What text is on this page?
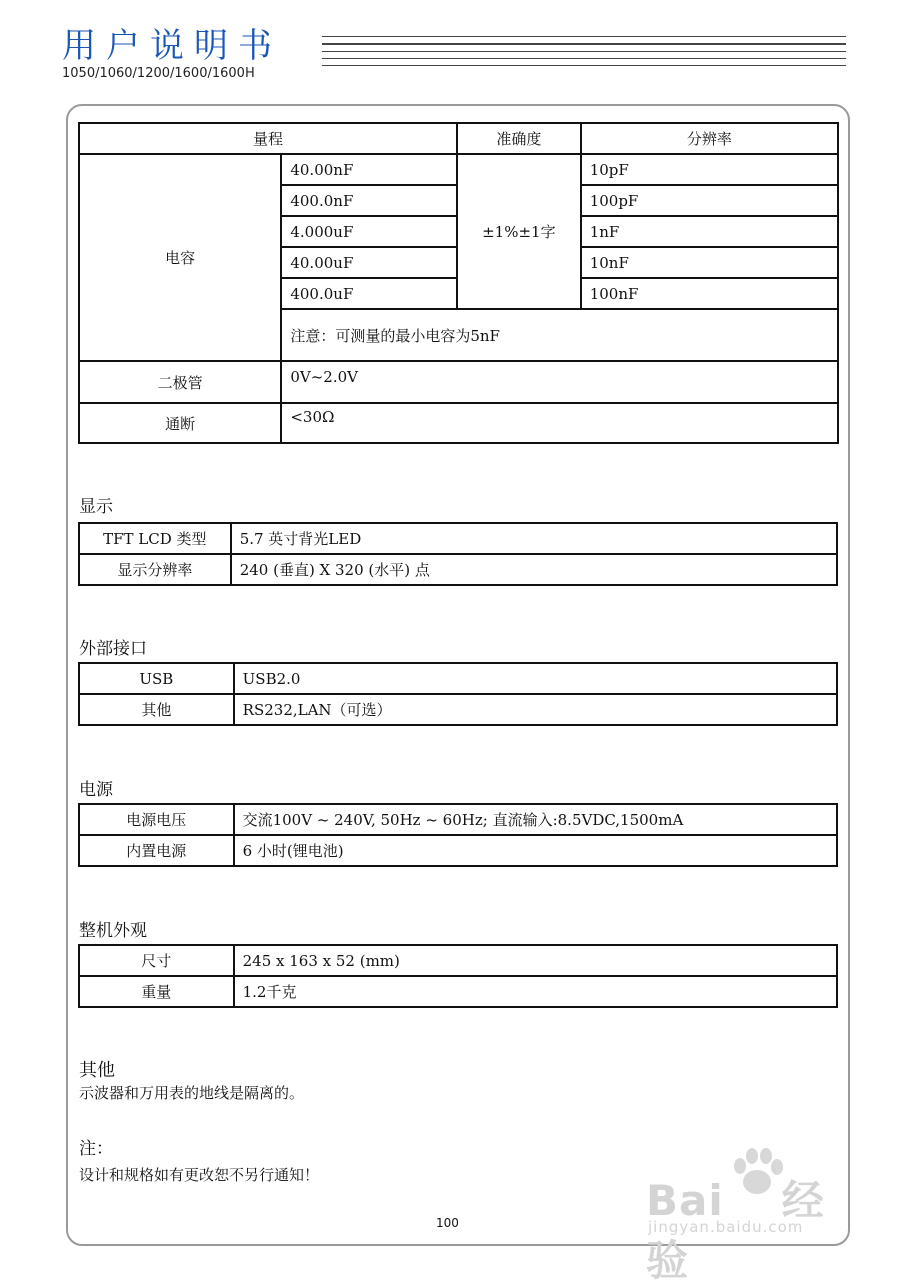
用户说明书
1050/1060/1200/1600/1600H
量程		准确度	分辨率
电容	40.00nF	±1%±1字	10pF
	400.0nF		100pF
	4.000uF		1nF
	40.00uF		10nF
	400.0uF		100nF
	注意：可测量的最小电容为5nF		
二极管	0V~2.0V		
通断	<30Ω		
显示
TFT LCD 类型	5.7 英寸背光LED
显示分辨率	240 (垂直) X 320 (水平) 点
外部接口
USB	USB2.0
其他	RS232,LAN（可选）
电源
电源电压	交流100V ~ 240V, 50Hz ~ 60Hz; 直流输入:8.5VDC,1500mA
内置电源	6 小时(锂电池)
整机外观
尺寸	245 x 163 x 52 (mm)
重量	1.2千克
其他
示波器和万用表的地线是隔离的。
注：
设计和规格如有更改恕不另行通知！
100	Bai 经验
jingyan.baidu.com
